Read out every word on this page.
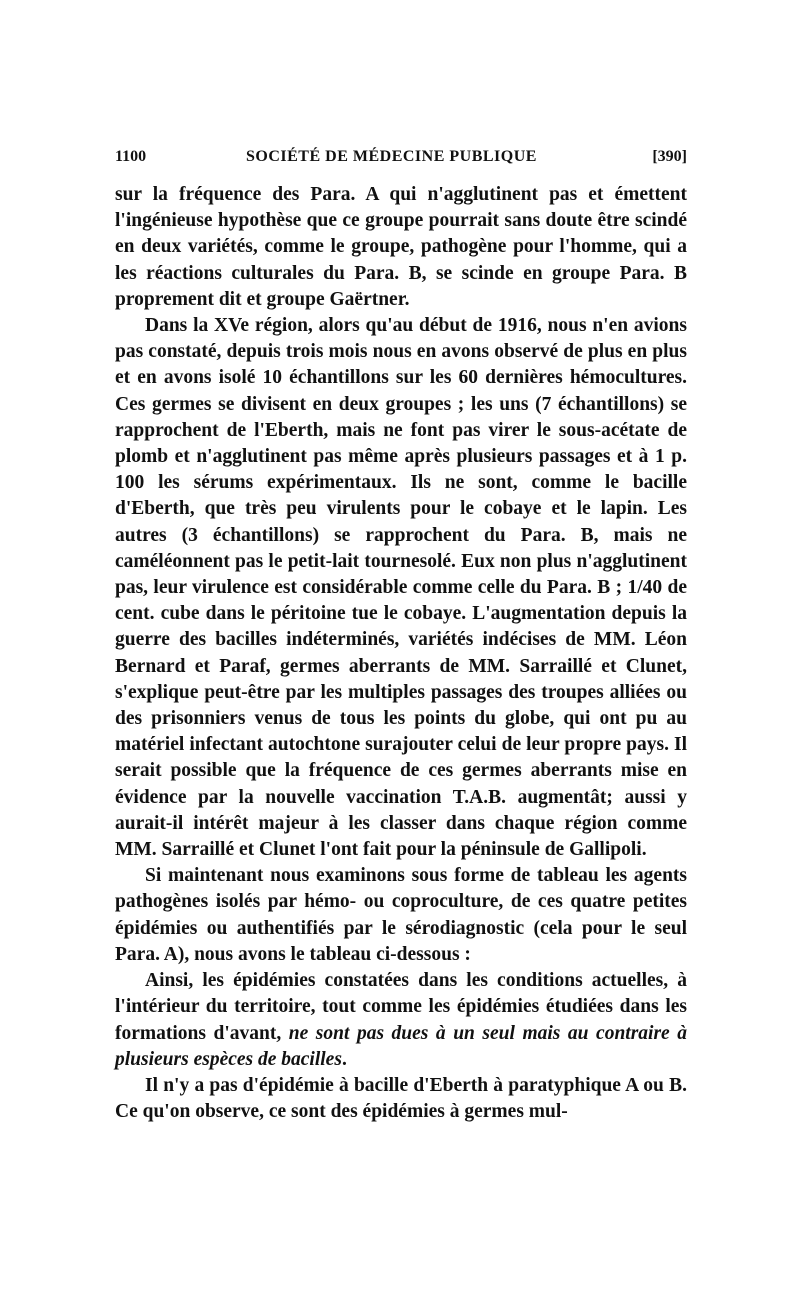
1100	SOCIÉTÉ DE MÉDECINE PUBLIQUE	[390]

sur la fréquence des Para. A qui n'agglutinent pas et émettent l'ingénieuse hypothèse que ce groupe pourrait sans doute être scindé en deux variétés, comme le groupe, pathogène pour l'homme, qui a les réactions culturales du Para. B, se scinde en groupe Para. B proprement dit et groupe Gaërtner.

Dans la XVe région, alors qu'au début de 1916, nous n'en avions pas constaté, depuis trois mois nous en avons observé de plus en plus et en avons isolé 10 échantillons sur les 60 dernières hémocultures. Ces germes se divisent en deux groupes ; les uns (7 échantillons) se rapprochent de l'Eberth, mais ne font pas virer le sous-acétate de plomb et n'agglutinent pas même après plusieurs passages et à 1 p. 100 les sérums expérimentaux. Ils ne sont, comme le bacille d'Eberth, que très peu virulents pour le cobaye et le lapin. Les autres (3 échantillons) se rapprochent du Para. B, mais ne caméléonnent pas le petit-lait tournesolé. Eux non plus n'agglutinent pas, leur virulence est considérable comme celle du Para. B ; 1/40 de cent. cube dans le péritoine tue le cobaye. L'augmentation depuis la guerre des bacilles indéterminés, variétés indécises de MM. Léon Bernard et Paraf, germes aberrants de MM. Sarraillé et Clunet, s'explique peut-être par les multiples passages des troupes alliées ou des prisonniers venus de tous les points du globe, qui ont pu au matériel infectant autochtone surajouter celui de leur propre pays. Il serait possible que la fréquence de ces germes aberrants mise en évidence par la nouvelle vaccination T.A.B. augmentât; aussi y aurait-il intérêt majeur à les classer dans chaque région comme MM. Sarraillé et Clunet l'ont fait pour la péninsule de Gallipoli.

Si maintenant nous examinons sous forme de tableau les agents pathogènes isolés par hémo- ou coproculture, de ces quatre petites épidémies ou authentifiés par le sérodiagnostic (cela pour le seul Para. A), nous avons le tableau ci-dessous :

Ainsi, les épidémies constatées dans les conditions actuelles, à l'intérieur du territoire, tout comme les épidémies étudiées dans les formations d'avant, ne sont pas dues à un seul mais au contraire à plusieurs espèces de bacilles.

Il n'y a pas d'épidémie à bacille d'Eberth à paratyphique A ou B. Ce qu'on observe, ce sont des épidémies à germes mul-
